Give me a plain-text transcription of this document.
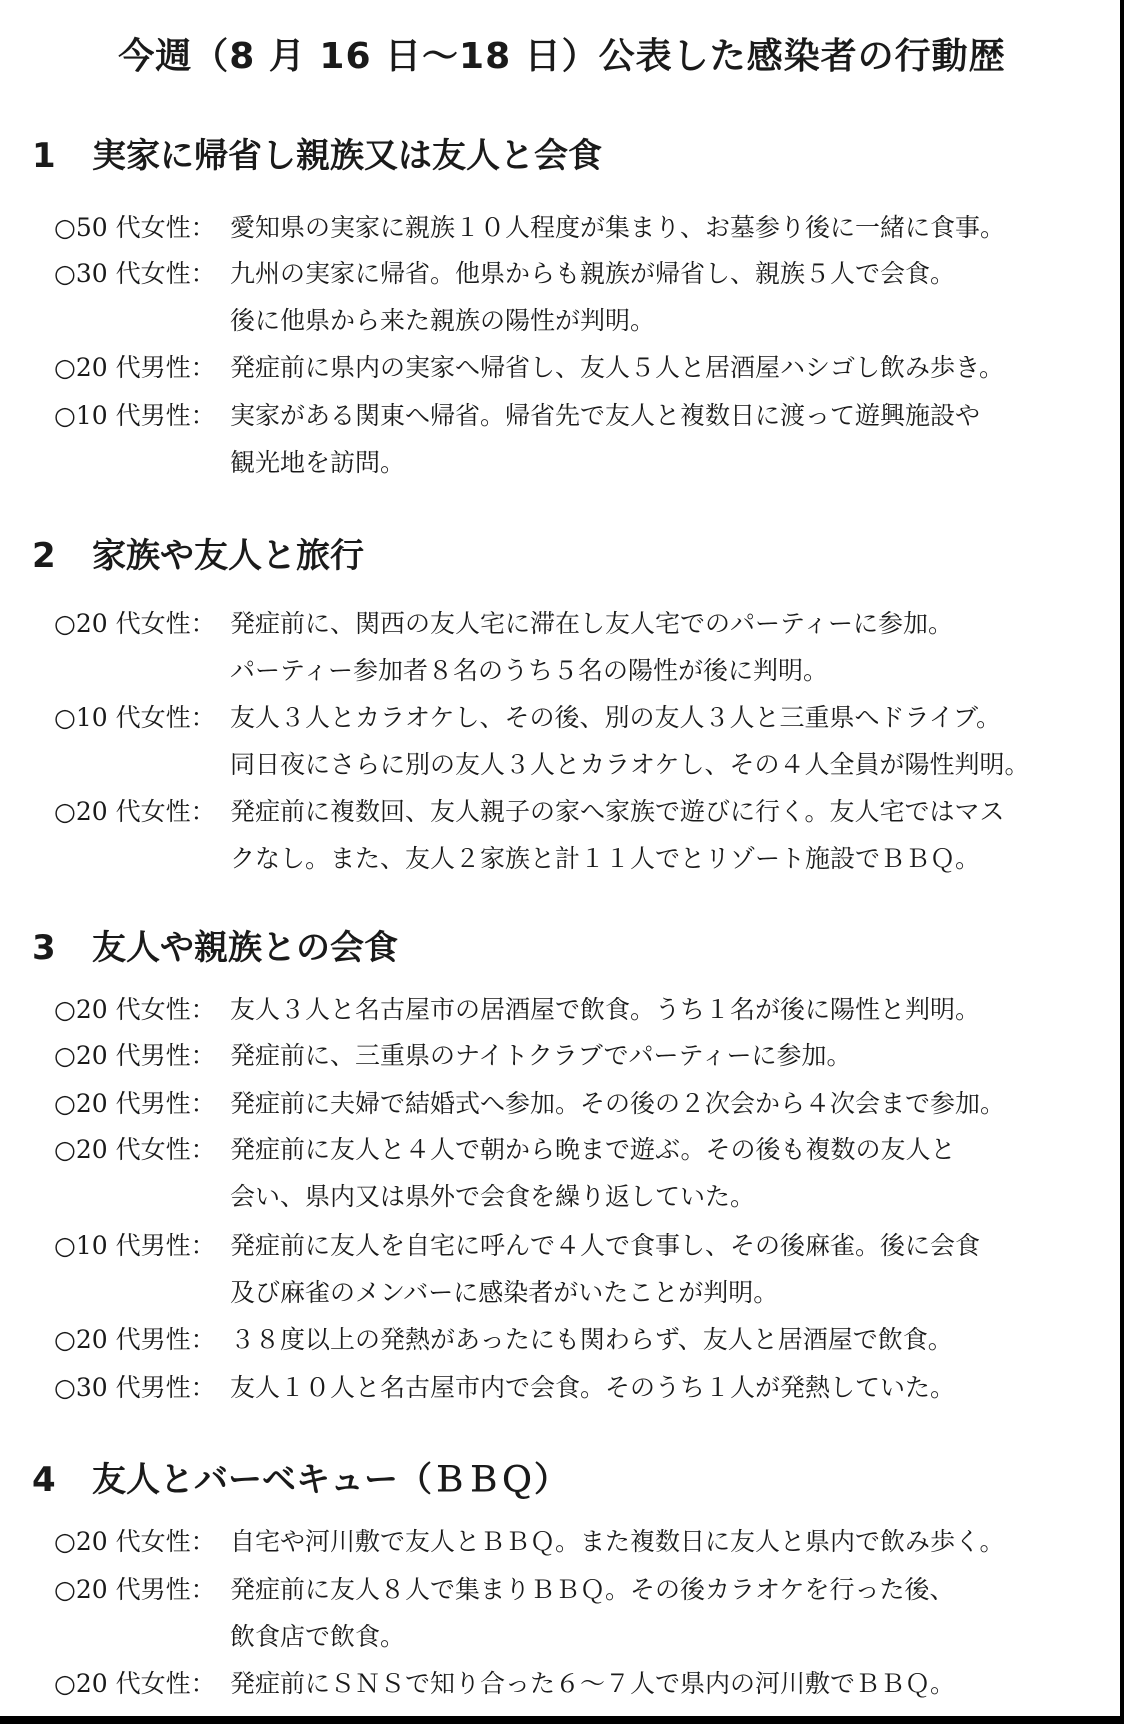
今週（8 月 16 日～18 日）公表した感染者の行動歴
1 実家に帰省し親族又は友人と会食
○50 代女性： 愛知県の実家に親族１０人程度が集まり、お墓参り後に一緒に食事。
○30 代女性： 九州の実家に帰省。他県からも親族が帰省し、親族５人で会食。
後に他県から来た親族の陽性が判明。
○20 代男性： 発症前に県内の実家へ帰省し、友人５人と居酒屋ハシゴし飲み歩き。
○10 代男性： 実家がある関東へ帰省。帰省先で友人と複数日に渡って遊興施設や
観光地を訪問。
2 家族や友人と旅行
○20 代女性： 発症前に、関西の友人宅に滞在し友人宅でのパーティーに参加。
パーティー参加者８名のうち５名の陽性が後に判明。
○10 代女性： 友人３人とカラオケし、その後、別の友人３人と三重県へドライブ。
同日夜にさらに別の友人３人とカラオケし、その４人全員が陽性判明。
○20 代女性： 発症前に複数回、友人親子の家へ家族で遊びに行く。友人宅ではマス
クなし。また、友人２家族と計１１人でとリゾート施設でＢＢＱ。
3 友人や親族との会食
○20 代女性： 友人３人と名古屋市の居酒屋で飲食。うち１名が後に陽性と判明。
○20 代男性： 発症前に、三重県のナイトクラブでパーティーに参加。
○20 代男性： 発症前に夫婦で結婚式へ参加。その後の２次会から４次会まで参加。
○20 代女性： 発症前に友人と４人で朝から晩まで遊ぶ。その後も複数の友人と
会い、県内又は県外で会食を繰り返していた。
○10 代男性： 発症前に友人を自宅に呼んで４人で食事し、その後麻雀。後に会食
及び麻雀のメンバーに感染者がいたことが判明。
○20 代男性： ３８度以上の発熱があったにも関わらず、友人と居酒屋で飲食。
○30 代男性： 友人１０人と名古屋市内で会食。そのうち１人が発熱していた。
4 友人とバーベキュー（ＢＢＱ）
○20 代女性： 自宅や河川敷で友人とＢＢＱ。また複数日に友人と県内で飲み歩く。
○20 代男性： 発症前に友人８人で集まりＢＢＱ。その後カラオケを行った後、
飲食店で飲食。
○20 代女性： 発症前にＳＮＳで知り合った６～７人で県内の河川敷でＢＢＱ。
